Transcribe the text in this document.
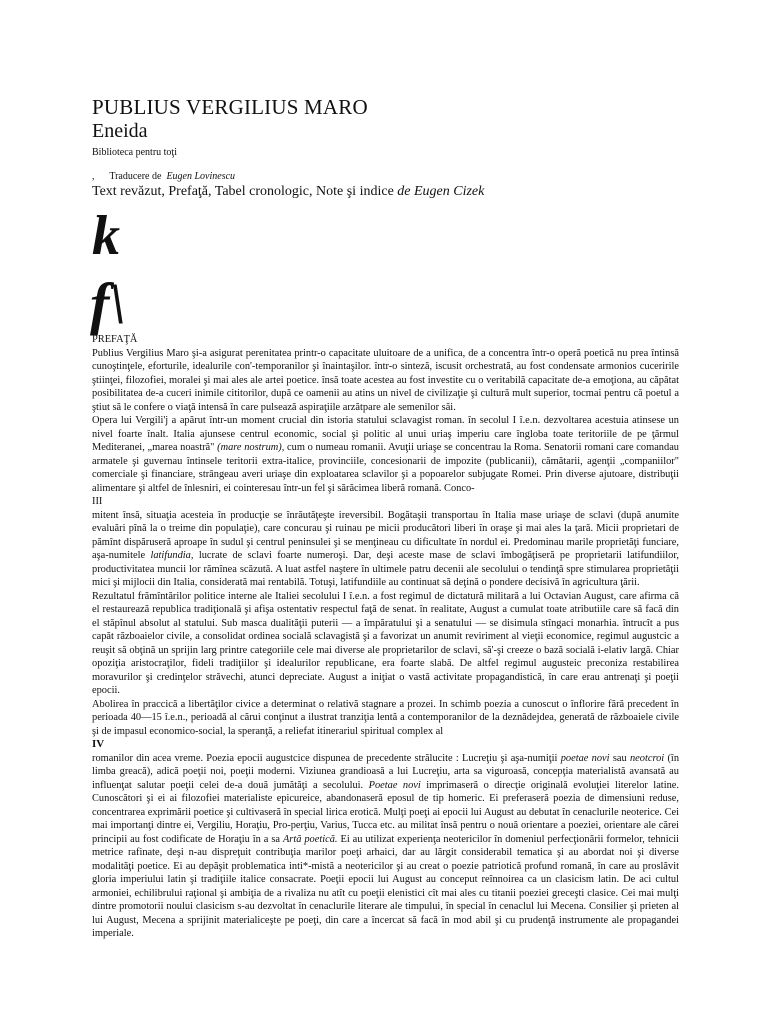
PUBLIUS VERGILIUS MARO
Eneida
Biblioteca pentru toţi
,      Traducere de  Eugen Lovinescu
Text revăzut, Prefaţă, Tabel cronologic, Note şi indice de Eugen Cizek
k
f\

PREFAŢĂ

Publius Vergilius Maro şi-a asigurat perenitatea printr-o capacitate uluitoare de a unifica, de a concentra într-o operă poetică nu prea întinsă cunoştinţele, eforturile, idealurile con'-temporanilor şi înaintaşilor. într-o sinteză, iscusit orchestrată, au fost condensate armonios cuceririle ştiinţei, filozofiei, moralei şi mai ales ale artei poetice. însă toate acestea au fost investite cu o veritabilă capacitate de-a emoţiona, au căpătat posibilitatea de-a cuceri inimile cititorilor, după ce oamenii au atins un nivel de civilizaţie şi cultură mult superior, tocmai pentru că poetul a ştiut să le confere o viaţă intensă în care pulsează aspiraţiile arzătpare ale semenilor săi.

Opera lui Vergili'j a apărut într-un moment crucial din istoria statului sclavagist roman. în secolul I î.e.n. dezvoltarea acestuia atinsese un nivel foarte înalt. Italia ajunsese centrul economic, social şi politic al unui uriaş imperiu care îngloba toate teritoriile de pe ţărmul Mediteranei, „marea noastră" (mare nostrum), cum o numeau romanii. Avuţii uriaşe se concentrau la Roma. Senatorii romani care comandau armatele şi guvernau întinsele teritorii extra-italice, provinciile, concesionarii de impozite (publicanii), cămătarii, agenţii „companiilor" comerciale şi financiare, strângeau averi uriaşe din exploatarea sclavilor şi a popoarelor subjugate Romei. Prin diverse ajutoare, distribuţii alimentare şi altfel de înlesniri, ei cointeresau într-un fel şi sărăcimea liberă romană. Conco-

III

mitent însă, situaţia acesteia în producţie se înrăutăţeşte ireversibil. Bogătaşii transportau în Italia mase uriaşe de sclavi (după anumite evaluări pînă la o treime din populaţie), care concurau şi ruinau pe micii producători liberi în oraşe şi mai ales la ţară. Micii proprietari de pămînt dispăruseră aproape în sudul şi centrul peninsulei şi se menţineau cu dificultate în nordul ei. Predominau marile proprietăţi funciare, aşa-numitele latifundia, lucrate de sclavi foarte numeroşi. Dar, deşi aceste mase de sclavi îmbogăţiseră pe proprietarii latifundiilor, productivitatea muncii lor rămînea scăzută. A luat astfel naştere în ultimele patru decenii ale secolului o tendinţă spre stimularea proprietăţii mici şi mijlocii din Italia, considerată mai rentabilă. Totuşi, latifundiile au continuat să deţină o pondere decisivă în agricultura ţării.

Rezultatul frămîntărilor politice interne ale Italiei secolului I î.e.n. a fost regimul de dictatură militară a lui Octavian August, care afirma că el restaurează republica tradiţională şi afişa ostentativ respectul faţă de senat. în realitate, August a cumulat toate atributiile care să facă din el stăpînul absolut al statului. Sub masca dualităţii puterii — a împăratului şi a senatului — se disimula stîngaci monarhia. întrucît a pus capăt războaielor civile, a consolidat ordinea socială sclavagistă şi a favorizat un anumit reviriment al vieţii economice, regimul augustcic a reuşit să obţină un sprijin larg printre categoriile cele mai diverse ale proprietarilor de sclavi, să'-şi creeze o bază socială i-elativ largă. Chiar opoziţia aristocraţilor, fideli tradiţiilor şi idealurilor republicane, era foarte slabă. De altfel regimul augusteic preconiza restabilirea moravurilor şi credinţelor străvechi, atunci depreciate. August a iniţiat o vastă activitate propagandistică, în care erau antrenaţi şi poeţii epocii.

Abolirea în praccică a libertăţilor civice a determinat o relativă stagnare a prozei. In schimb poezia a cunoscut o înflorire fără precedent în perioada 40—15 î.e.n., perioadă al cărui conţinut a ilustrat tranziţia lentă a contemporanilor de la deznădejdea, generată de războaiele civile şi de impasul economico-social, la speranţă, a reliefat itinerariul spiritual complex al

IV

romanilor din acea vreme. Poezia epocii augustcice dispunea de precedente strălucite : Lucreţiu şi aşa-numiţii poetae novi sau neotcroi (în limba greacă), adică poeţii noi, poeţii moderni. Viziunea grandioasă a lui Lucreţiu, arta sa viguroasă, concepţia materialistă avansată au influenţat salutar poeţii celei de-a două jumătăţi a secolului. Poetae novi imprimaseră o direcţie originală evoluţiei literelor latine. Cunoscători şi ei ai filozofiei materialiste epicureice, abandonaseră eposul de tip homeric. Ei preferaseră poezia de dimensiuni reduse, concentrarea exprimării poetice şi cultivaseră în special lirica erotică. Mulţi poeţi ai epocii lui August au debutat în cenaclurile neoterice. Cei mai importanţi dintre ei, Vergiliu, Horaţiu, Pro-perţiu, Varius, Tucca etc. au militat însă pentru o nouă orientare a poeziei, orientare ale cărei principii au fost codificate de Horaţiu în a sa Artă poetică. Ei au utilizat experienţa neotericilor în domeniul perfecţionării formelor, tehnicii metrice rafinate, deşi n-au dispreţuit contribuţia marilor poeţi arhaici, dar au lărgit considerabil tematica şi au abordat noi şi diverse modalităţi poetice. Ei au depăşit problematica inti*-mistă a neotericilor şi au creat o poezie patriotică profund romană, în care au proslăvit gloria imperiului latin şi tradiţiile italice consacrate. Poeţii epocii lui August au conceput reînnoirea ca un clasicism latin. De aci cultul armoniei, echilibrului raţional şi ambiţia de a rivaliza nu atît cu poeţii elenistici cît mai ales cu titanii poeziei greceşti clasice. Cei mai mulţi dintre promotorii noului clasicism s-au dezvoltat în cenaclurile literare ale timpului, în special în cenaclul lui Mecena. Consilier şi prieten al lui August, Mecena a sprijinit materialiceşte pe poeţi, din care a încercat să facă în mod abil şi cu prudenţă instrumente ale propagandei imperiale.
